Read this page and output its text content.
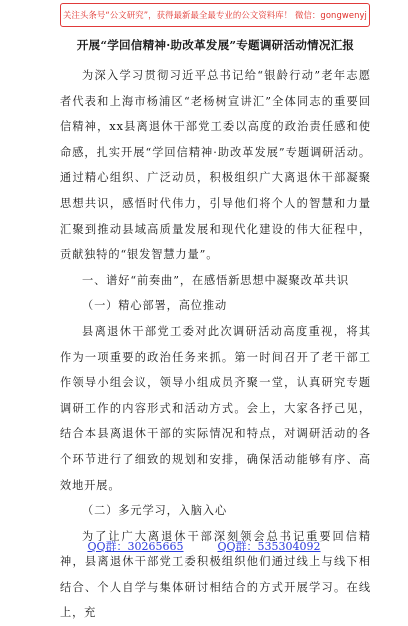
关注头条号“公文研究”，获得最新最全最专业的公文资料库！ 微信：gongwenyj
开展“学回信精神·助改革发展”专题调研活动情况汇报

为深入学习贯彻习近平总书记给“银龄行动”老年志愿者代表和上海市杨浦区“老杨树宣讲汇”全体同志的重要回信精神，xx县离退休干部党工委以高度的政治责任感和使命感，扎实开展“学回信精神·助改革发展”专题调研活动。通过精心组织、广泛动员，积极组织广大离退休干部凝聚思想共识，感悟时代伟力，引导他们将个人的智慧和力量汇聚到推动县域高质量发展和现代化建设的伟大征程中，贡献独特的“银发智慧力量”。

一、谱好“前奏曲”，在感悟新思想中凝聚改革共识

（一）精心部署，高位推动

县离退休干部党工委对此次调研活动高度重视，将其作为一项重要的政治任务来抓。第一时间召开了老干部工作领导小组会议，领导小组成员齐聚一堂，认真研究专题调研工作的内容形式和活动方式。会上，大家各抒己见，结合本县离退休干部的实际情况和特点，对调研活动的各个环节进行了细致的规划和安排，确保活动能够有序、高效地开展。

（二）多元学习，入脑入心

为了让广大离退休干部深刻领会总书记重要回信精神，县离退休干部党工委积极组织他们通过线上与线下相结合、个人自学与集体研讨相结合的方式开展学习。在线上，充

QQ群：30265665	QQ群：535304092
